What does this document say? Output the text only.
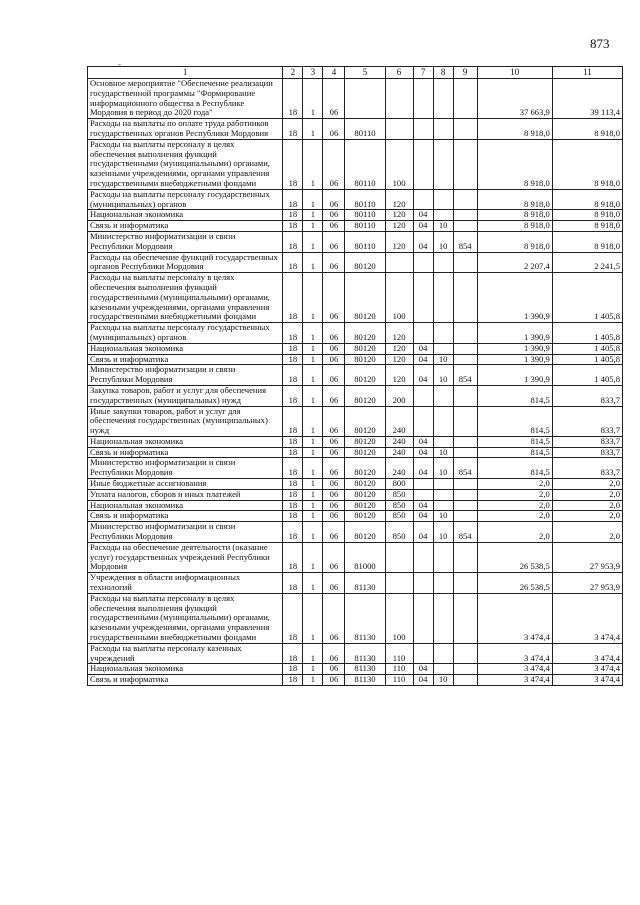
873
-
1	2	3	4	5	6	7	8	9	10	11
Основное мероприятие "Обеспечение реализации государственной программы "Формирование информационного общества в Республике Мордовия в период до 2020 года"	18	1	06						37 663,9	39 113,4
Расходы на выплаты по оплате труда работников государственных органов Республики Мордовия	18	1	06	80110					8 918,0	8 918,0
Расходы на выплаты персоналу в целях обеспечения выполнения функций государственными (муниципальными) органами, казенными учреждениями, органами управления государственными внебюджетными фондами	18	1	06	80110	100				8 918,0	8 918,0
Расходы на выплаты персоналу государственных (муниципальных) органов	18	1	06	80110	120				8 918,0	8 918,0
Национальная экономика	18	1	06	80110	120	04			8 918,0	8 918,0
Связь и информатика	18	1	06	80110	120	04	10		8 918,0	8 918,0
Министерство информатизации и связи Республики Мордовия	18	1	06	80110	120	04	10	854	8 918,0	8 918,0
Расходы на обеспечение функций государственных органов Республики Мордовия	18	1	06	80120					2 207,4	2 241,5
Расходы на выплаты персоналу в целях обеспечения выполнения функций государственными (муниципальными) органами, казенными учреждениями, органами управления государственными внебюджетными фондами	18	1	06	80120	100				1 390,9	1 405,8
Расходы на выплаты персоналу государственных (муниципальных) органов	18	1	06	80120	120				1 390,9	1 405,8
Национальная экономика	18	1	06	80120	120	04			1 390,9	1 405,8
Связь и информатика	18	1	06	80120	120	04	10		1 390,9	1 405,8
Министерство информатизации и связи Республики Мордовия	18	1	06	80120	120	04	10	854	1 390,9	1 405,8
Закупка товаров, работ и услуг для обеспечения государственных (муниципальных) нужд	18	1	06	80120	200				814,5	833,7
Иные закупки товаров, работ и услуг для обеспечения государственных (муниципальных) нужд	18	1	06	80120	240				814,5	833,7
Национальная экономика	18	1	06	80120	240	04			814,5	833,7
Связь и информатика	18	1	06	80120	240	04	10		814,5	833,7
Министерство информатизации и связи Республики Мордовия	18	1	06	80120	240	04	10	854	814,5	833,7
Иные бюджетные ассигнования	18	1	06	80120	800				2,0	2,0
Уплата налогов, сборов и иных платежей	18	1	06	80120	850				2,0	2,0
Национальная экономика	18	1	06	80120	850	04			2,0	2,0
Связь и информатика	18	1	06	80120	850	04	10		2,0	2,0
Министерство информатизации и связи Республики Мордовия	18	1	06	80120	850	04	10	854	2,0	2,0
Расходы на обеспечение деятельности (оказание услуг) государственных учреждений Республики Мордовия	18	1	06	81000					26 538,5	27 953,9
Учреждения в области информационных технологий	18	1	06	81130					26 538,5	27 953,9
Расходы на выплаты персоналу в целях обеспечения выполнения функций государственными (муниципальными) органами, казенными учреждениями, органами управления государственными внебюджетными фондами	18	1	06	81130	100				3 474,4	3 474,4
Расходы на выплаты персоналу казенных учреждений	18	1	06	81130	110				3 474,4	3 474,4
Национальная экономика	18	1	06	81130	110	04			3 474,4	3 474,4
Связь и информатика	18	1	06	81130	110	04	10		3 474,4	3 474,4
